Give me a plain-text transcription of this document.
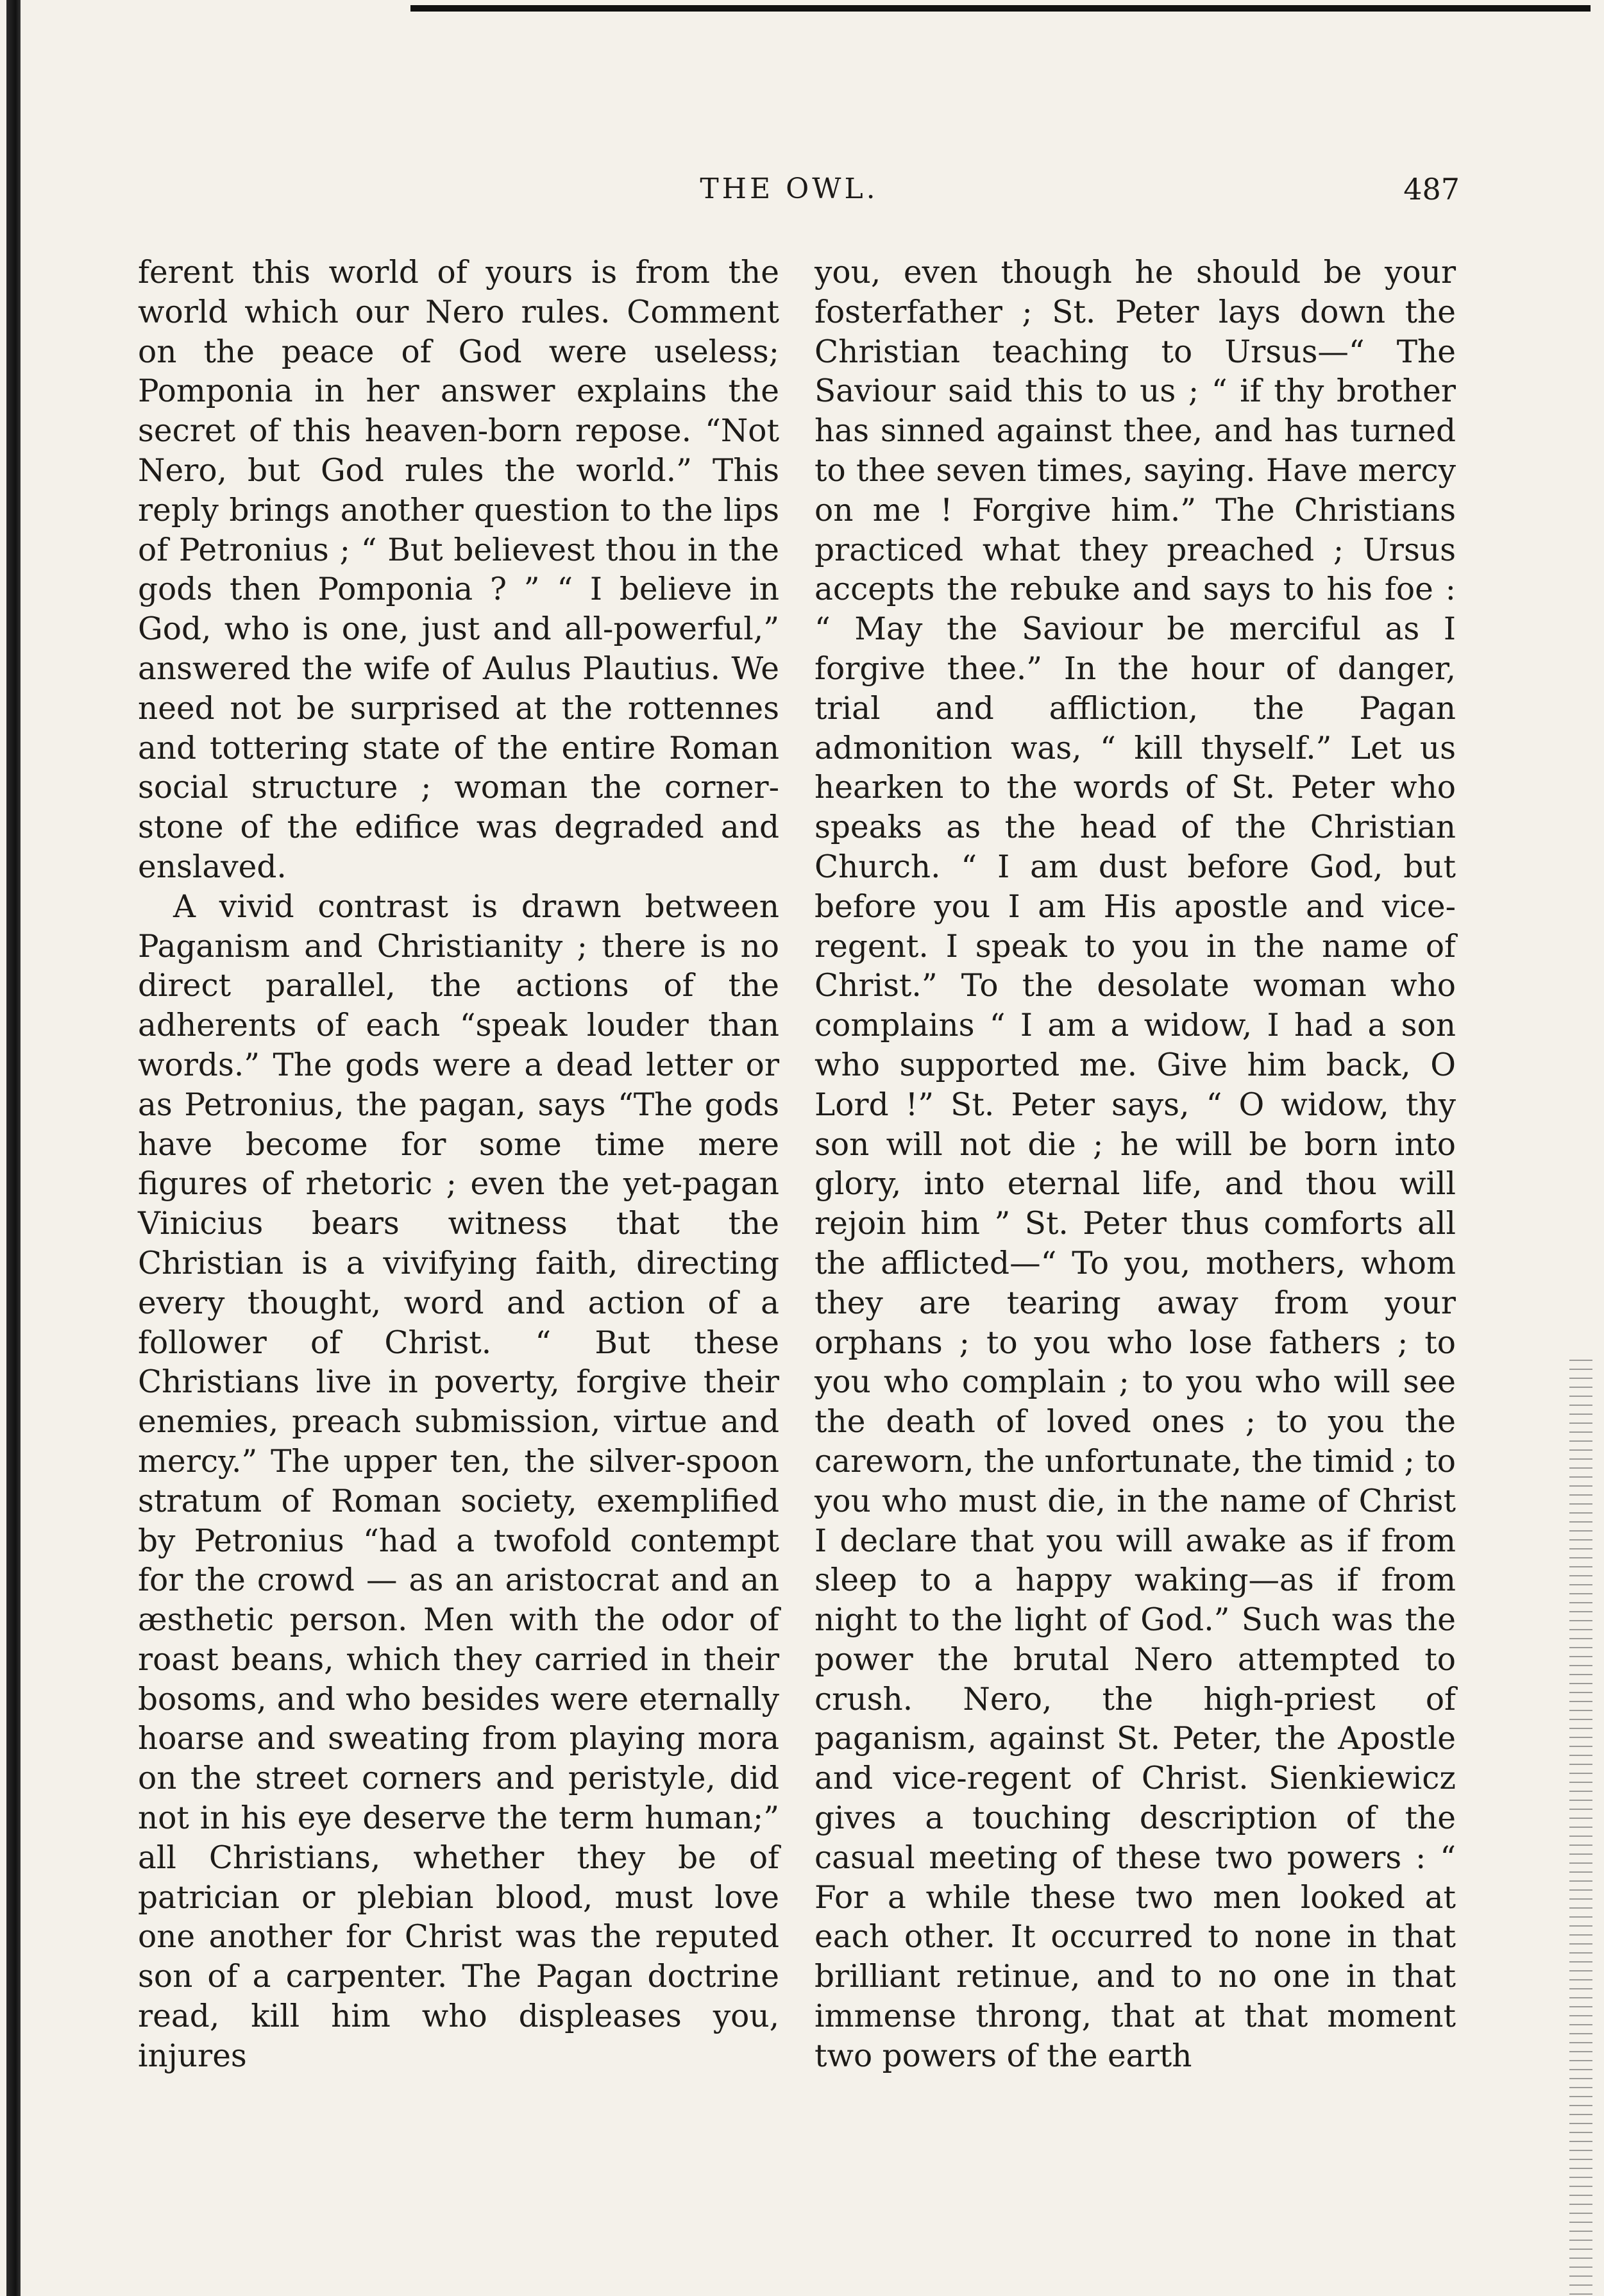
THE OWL.	487

ferent this world of yours is from the world which our Nero rules. Comment on the peace of God were useless; Pomponia in her answer explains the secret of this heaven-born repose. “Not Nero, but God rules the world.” This reply brings another question to the lips of Petronius ; “ But believest thou in the gods then Pomponia ? ” “ I believe in God, who is one, just and all-powerful,” answered the wife of Aulus Plautius. We need not be surprised at the rottennes and tottering state of the entire Roman social structure ; woman the corner-stone of the edifice was degraded and enslaved.

A vivid contrast is drawn between Paganism and Christianity ; there is no direct parallel, the actions of the adherents of each “speak louder than words.” The gods were a dead letter or as Petronius, the pagan, says “The gods have become for some time mere figures of rhetoric ; even the yet-pagan Vinicius bears witness that the Christian is a vivifying faith, directing every thought, word and action of a follower of Christ. “ But these Christians live in poverty, forgive their enemies, preach submission, virtue and mercy.” The upper ten, the silver-spoon stratum of Roman society, exemplified by Petronius “had a twofold contempt for the crowd — as an aristocrat and an æsthetic person. Men with the odor of roast beans, which they carried in their bosoms, and who besides were eternally hoarse and sweating from playing mora on the street corners and peristyle, did not in his eye deserve the term human;” all Christians, whether they be of patrician or plebian blood, must love one another for Christ was the reputed son of a carpenter. The Pagan doctrine read, kill him who displeases you, injures

you, even though he should be your fosterfather ; St. Peter lays down the Christian teaching to Ursus—“ The Saviour said this to us ; “ if thy brother has sinned against thee, and has turned to thee seven times, saying. Have mercy on me ! Forgive him.” The Christians practiced what they preached ; Ursus accepts the rebuke and says to his foe : “ May the Saviour be merciful as I forgive thee.” In the hour of danger, trial and affliction, the Pagan admonition was, “ kill thyself.” Let us hearken to the words of St. Peter who speaks as the head of the Christian Church. “ I am dust before God, but before you I am His apostle and vice-regent. I speak to you in the name of Christ.” To the desolate woman who complains “ I am a widow, I had a son who supported me. Give him back, O Lord !” St. Peter says, “ O widow, thy son will not die ; he will be born into glory, into eternal life, and thou will rejoin him ” St. Peter thus comforts all the afflicted—“ To you, mothers, whom they are tearing away from your orphans ; to you who lose fathers ; to you who complain ; to you who will see the death of loved ones ; to you the careworn, the unfortunate, the timid ; to you who must die, in the name of Christ I declare that you will awake as if from sleep to a happy waking—as if from night to the light of God.” Such was the power the brutal Nero attempted to crush. Nero, the high-priest of paganism, against St. Peter, the Apostle and vice-regent of Christ. Sienkiewicz gives a touching description of the casual meeting of these two powers : “ For a while these two men looked at each other. It occurred to none in that brilliant retinue, and to no one in that immense throng, that at that moment two powers of the earth
